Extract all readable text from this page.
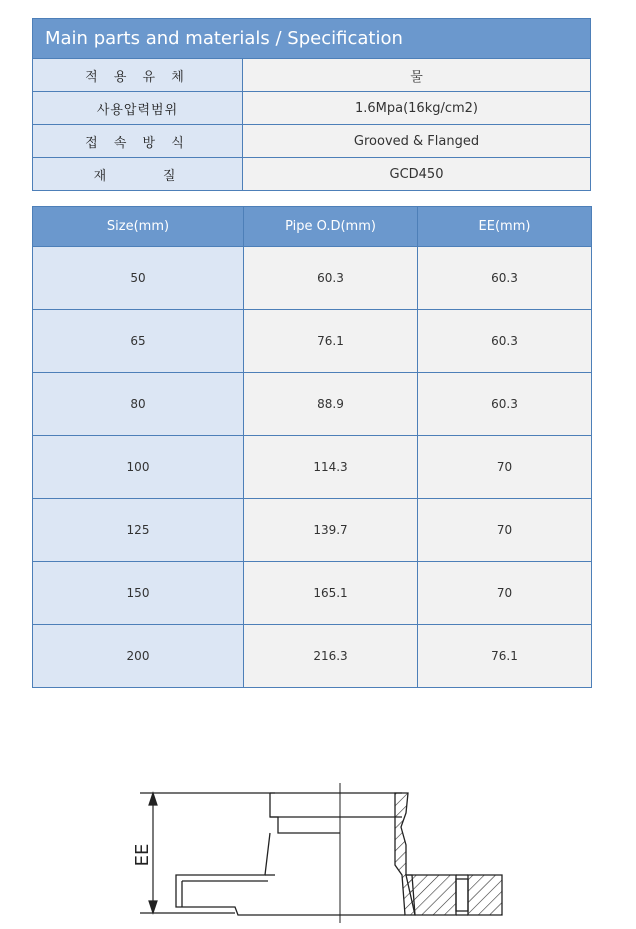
Main parts and materials / Specification
적 용 유 체	물
사용압력범위	1.6Mpa(16kg/cm2)
접 속 방 식	Grooved & Flanged
재     질	GCD450
Size(mm)	Pipe O.D(mm)	EE(mm)
50	60.3	60.3
65	76.1	60.3
80	88.9	60.3
100	114.3	70
125	139.7	70
150	165.1	70
200	216.3	76.1
EE
